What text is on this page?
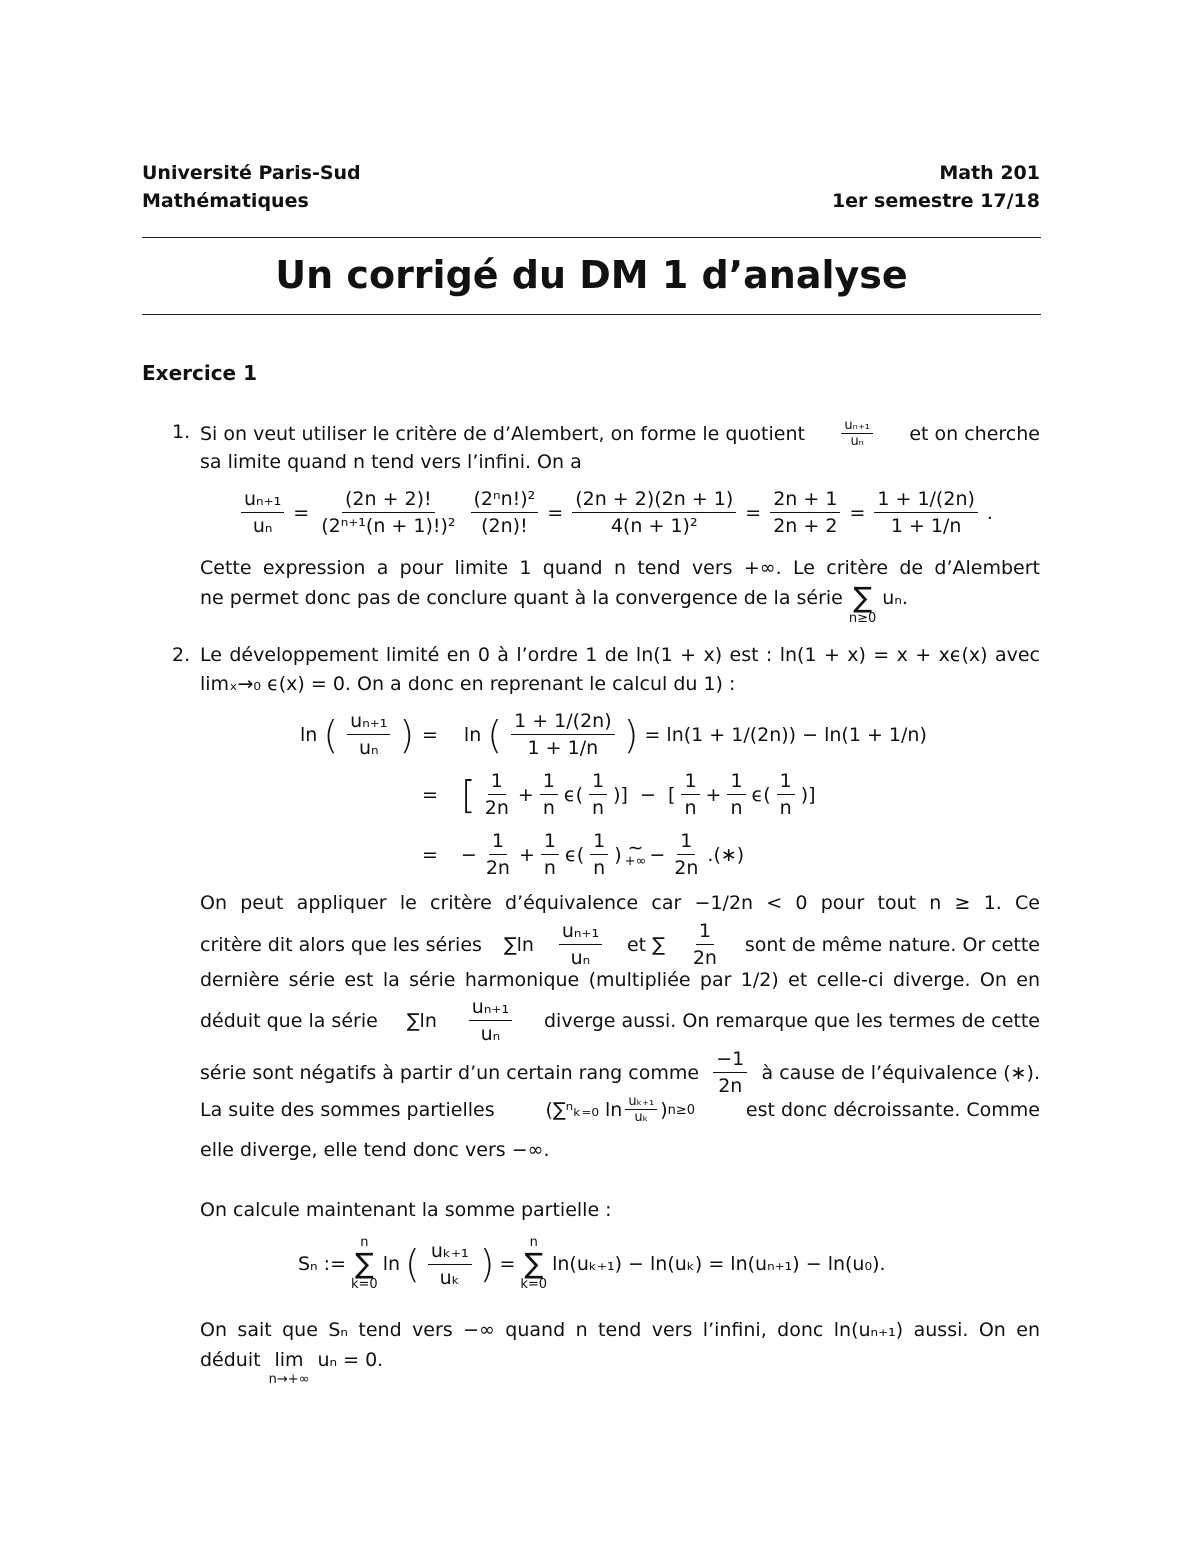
Université Paris-Sud
Mathématiques
Math 201
1er semestre 17/18
Un corrigé du DM 1 d’analyse
Exercice 1
1. Si on veut utiliser le critère de d’Alembert, on forme le quotient	$\frac{\text{uₙ₊₁}}{\text{uₙ}}$ et on cherche
sa limite quand n tend vers l’infini. On a
$\frac{\text{uₙ₊₁}}{\text{uₙ}} = \frac{(2n + 2)!}{\text{(2ⁿ⁺¹(n + 1)!)²}} \frac{\text{(2ⁿn!)²}}{(2n)!} = \frac{(2n + 2)(2n + 1)}{\text{4(n + 1)²}} = \frac{2n + 1}{2n + 2} = \frac{1 + 1/(2n)}{1 + 1/n}$ .
Cette expression a pour limite 1 quand n tend vers +∞. Le critère de d’Alembert
ne permet donc pas de conclure quant à la convergence de la série ∑
n≥0
uₙ.
2. Le développement limité en 0 à l’ordre 1 de ln(1 + x) est : ln(1 + x) = x + xϵ(x) avec
limₓ→₀ ϵ(x) = 0. On a donc en reprenant le calcul du 1) :
ln ( $\frac{\text{uₙ₊₁}}{\text{uₙ}}$ ) = ln ( $\frac{1 + 1/(2n)}{1 + 1/n}$ ) = ln(1 + 1/(2n)) − ln(1 + 1/n)
= [ $\frac{1}{2n} + \frac{1}{n} \epsilon( \frac{1}{n}$ )]  −  [ $\frac{1}{n} + \frac{1}{n} \epsilon( \frac{1}{n}$ )]
= − $\frac{1}{2n} + \frac{1}{n} \epsilon( \frac{1}{n}$ ) ∼
+∞ − $\frac{1}{2n}$ .(∗)
On peut appliquer le critère d’équivalence car −1/2n < 0 pour tout n ≥ 1. Ce
critère dit alors que les séries $\sum\ln \frac{\text{uₙ₊₁}}{\text{uₙ}}$ et ∑ $\frac{1}{2n}$ sont de même nature. Or cette
dernière série est la série harmonique (multipliée par 1/2) et celle-ci diverge. On en
déduit que la série $\sum\ln \frac{\text{uₙ₊₁}}{\text{uₙ}}$ diverge aussi. On remarque que les termes de cette
série sont négatifs à partir d’un certain rang comme $\frac{-1}{2n}$ à cause de l’équivalence (∗).
La suite des sommes partielles	(∑ⁿₖ₌₀ $\ln \frac{\text{uₖ₊₁}}{\text{uₖ}}$ ) n≥0	est donc décroissante. Comme
elle diverge, elle tend donc vers −∞.
On calcule maintenant la somme partielle :
Sₙ :=
n
∑
k=0
ln ( $\frac{\text{uₖ₊₁}}{\text{uₖ}}$ ) =
n
∑
k=0
ln(uₖ₊₁) − ln(uₖ) = ln(uₙ₊₁) − ln(u₀).
On sait que Sₙ tend vers −∞ quand n tend vers l’infini, donc ln(uₙ₊₁) aussi. On en
déduit lim
n→+∞
uₙ = 0.
